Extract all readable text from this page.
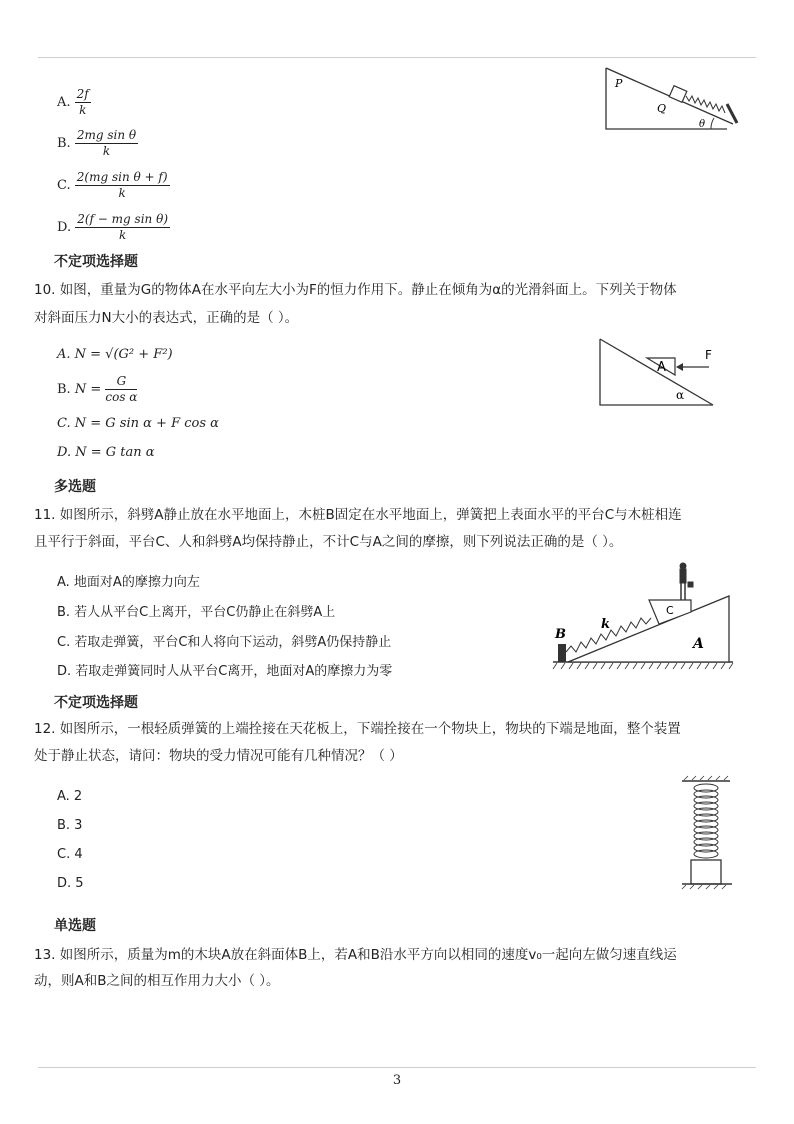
A. $\frac{2f}{k}$
B. $\frac{\text{2mg sin θ}}{k}$
C. $\frac{\text{2(mg sin θ + f)}}{k}$
D. $\frac{\text{2(f − mg sin θ)}}{k}$
P
Q
θ
不定项选择题
10. 如图，重量为G的物体A在水平向左大小为F的恒力作用下。静止在倾角为α的光滑斜面上。下列关于物体
对斜面压力N大小的表达式，正确的是（ ）。
A. N = √(G² + F²)
B. $N = \frac{G}{\text{cos α}}$
C. N = G sin α + F cos α
D. N = G tan α
A
F
α
多选题
11. 如图所示，斜劈A静止放在水平地面上，木桩B固定在水平地面上，弹簧把上表面水平的平台C与木桩相连
且平行于斜面，平台C、人和斜劈A均保持静止，不计C与A之间的摩擦，则下列说法正确的是（ ）。
A. 地面对A的摩擦力向左
B. 若人从平台C上离开，平台C仍静止在斜劈A上
C. 若取走弹簧，平台C和人将向下运动，斜劈A仍保持静止
D. 若取走弹簧同时人从平台C离开，地面对A的摩擦力为零
B
k
C
A
不定项选择题
12. 如图所示，一根轻质弹簧的上端拴接在天花板上，下端拴接在一个物块上，物块的下端是地面，整个装置
处于静止状态，请问：物块的受力情况可能有几种情况？（ ）
A. 2
B. 3
C. 4
D. 5
单选题
13. 如图所示，质量为m的木块A放在斜面体B上，若A和B沿水平方向以相同的速度v₀一起向左做匀速直线运
动，则A和B之间的相互作用力大小（ ）。
3
